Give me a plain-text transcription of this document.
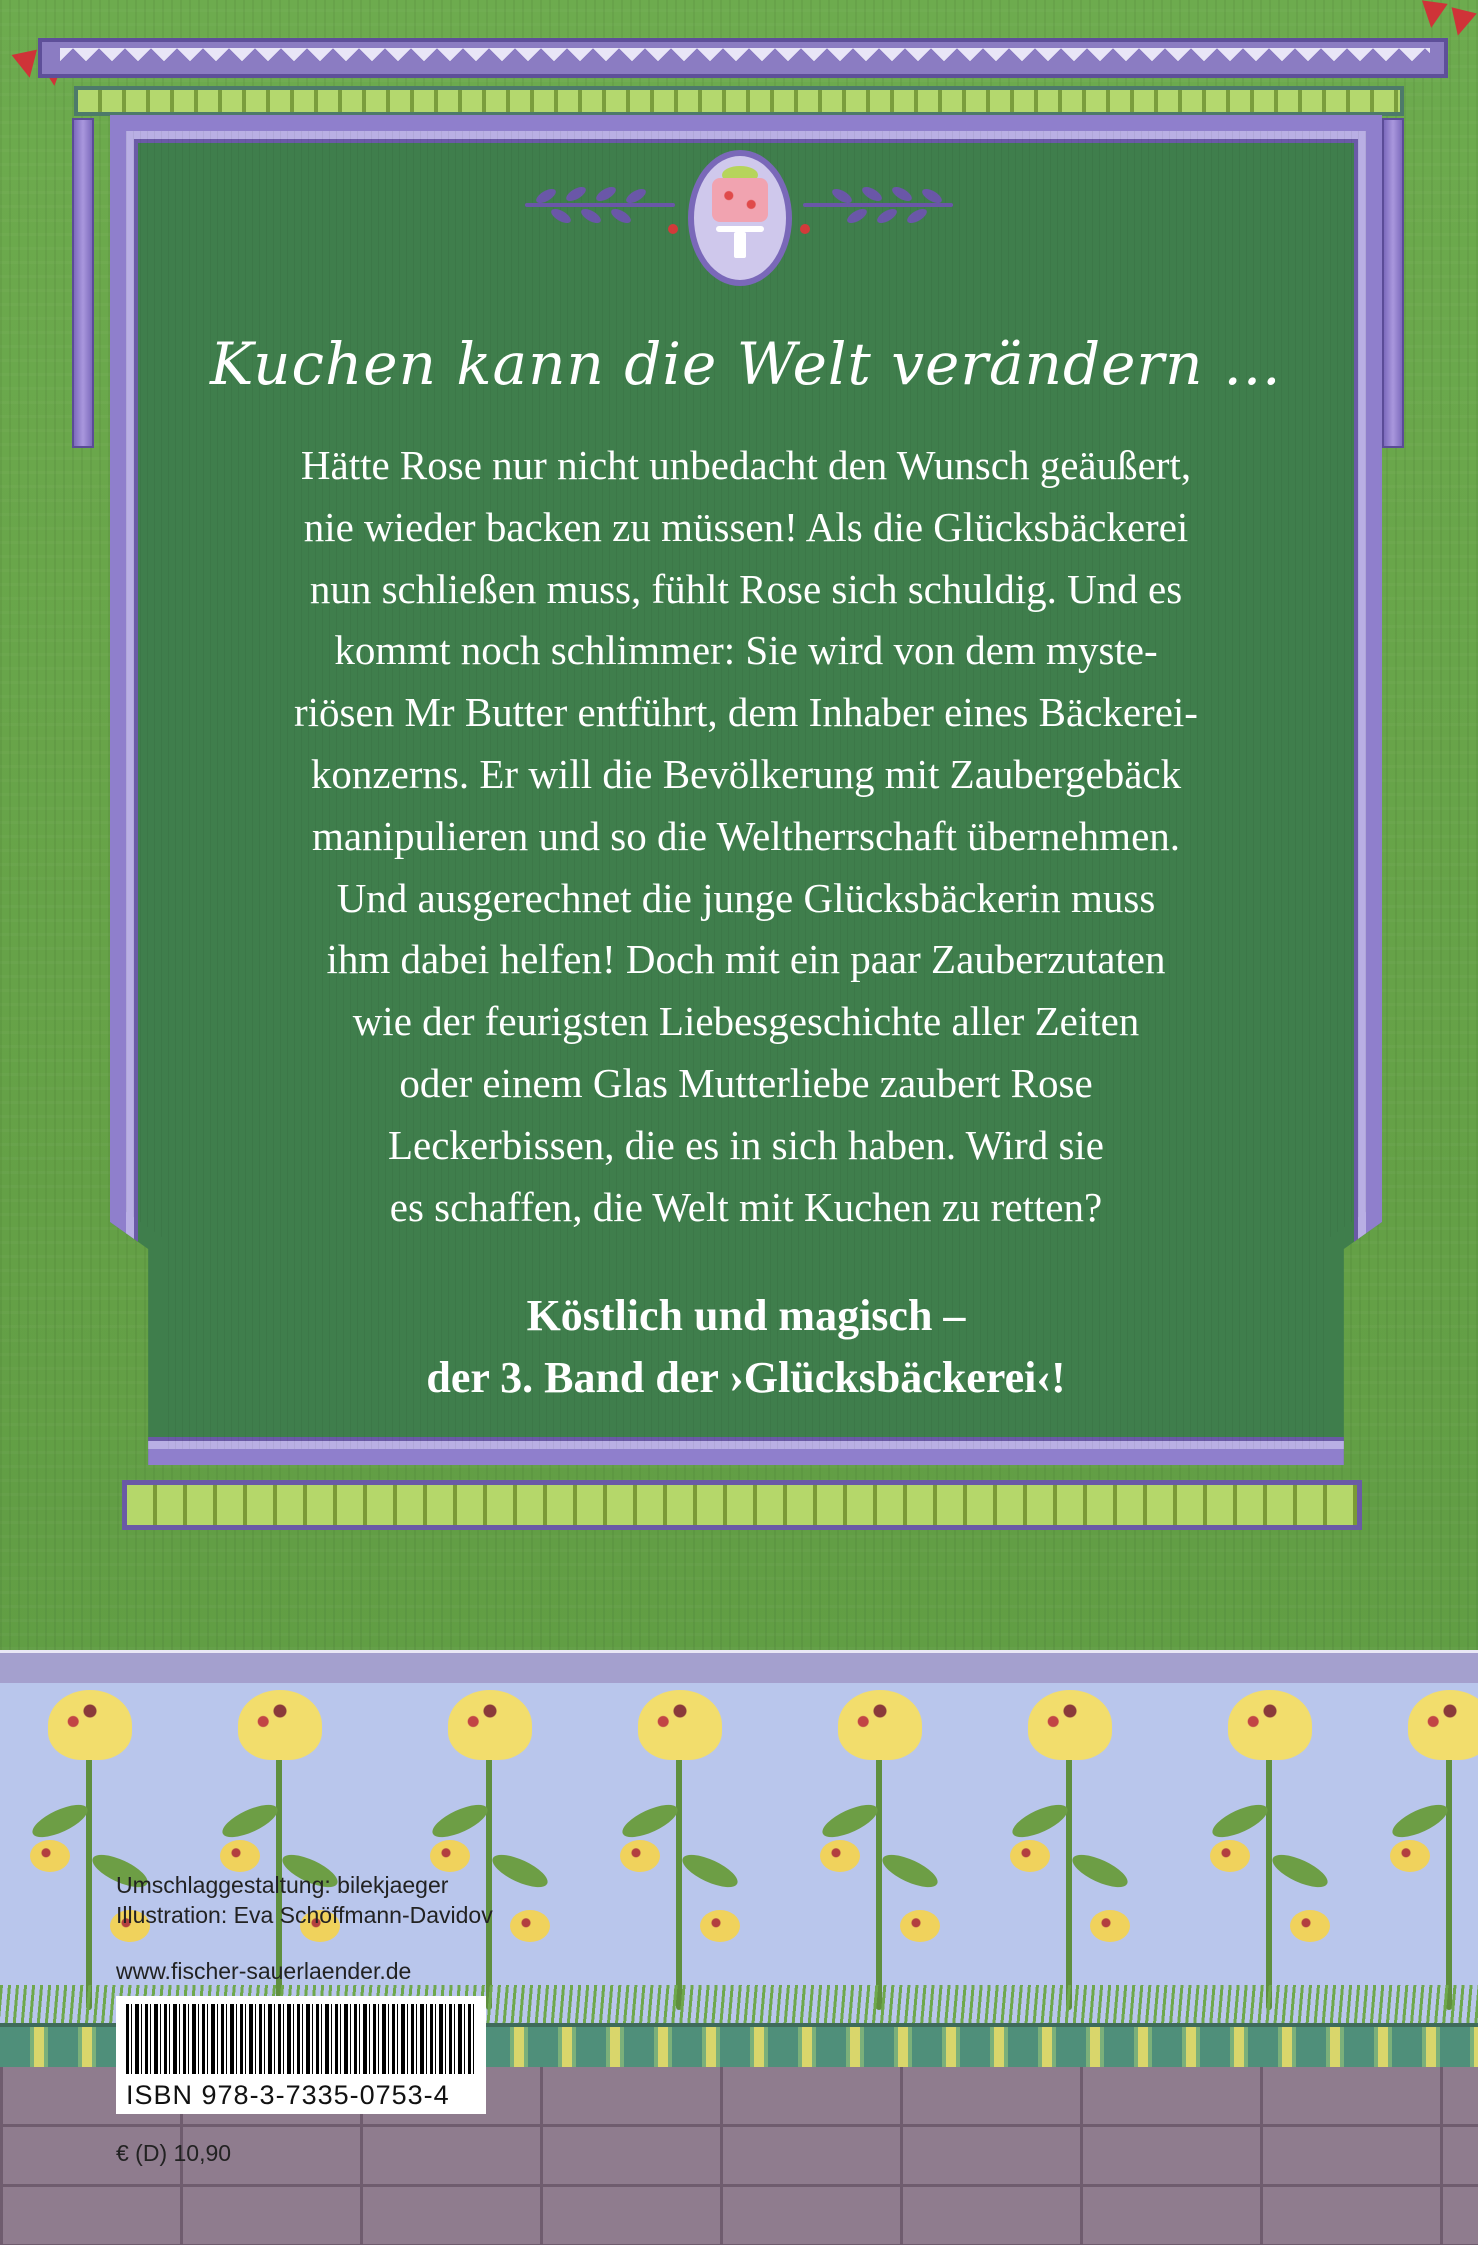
Kuchen kann die Welt verändern …
Hätte Rose nur nicht unbedacht den Wunsch geäußert,
nie wieder backen zu müssen! Als die Glücksbäckerei
nun schließen muss, fühlt Rose sich schuldig. Und es
kommt noch schlimmer: Sie wird von dem myste-
riösen Mr Butter entführt, dem Inhaber eines Bäckerei-
konzerns. Er will die Bevölkerung mit Zaubergebäck
manipulieren und so die Weltherrschaft übernehmen.
Und ausgerechnet die junge Glücksbäckerin muss
ihm dabei helfen! Doch mit ein paar Zauberzutaten
wie der feurigsten Liebesgeschichte aller Zeiten
oder einem Glas Mutterliebe zaubert Rose
Leckerbissen, die es in sich haben. Wird sie
es schaffen, die Welt mit Kuchen zu retten?
Köstlich und magisch –
der 3. Band der ›Glücksbäckerei‹!
Umschlaggestaltung: bilekjaeger
Illustration: Eva Schöffmann-Davidov
www.fischer-sauerlaender.de
ISBN 978-3-7335-0753-4
€ (D) 10,90
